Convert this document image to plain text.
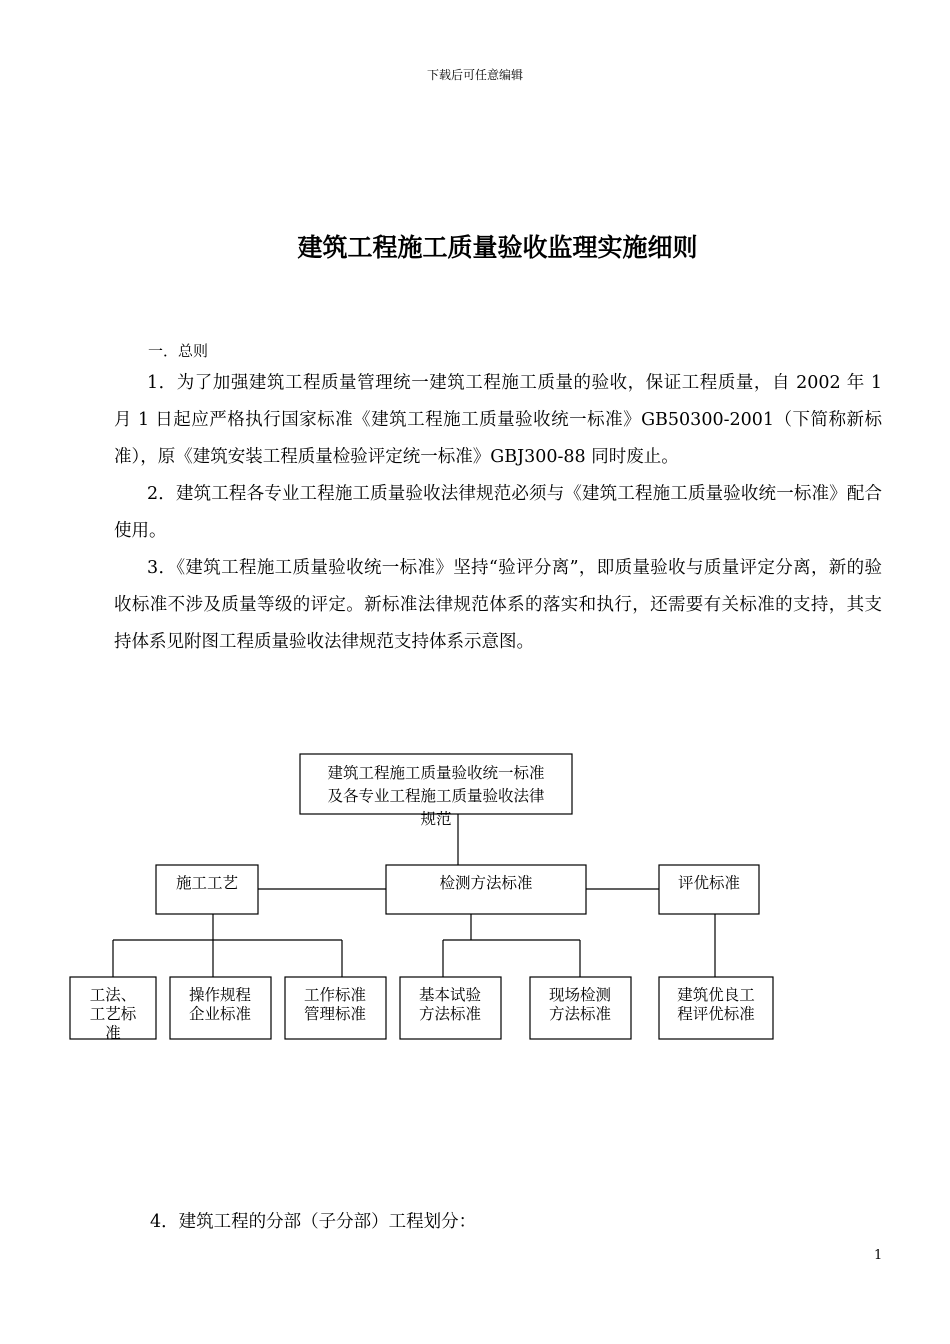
下载后可任意编辑
建筑工程施工质量验收监理实施细则
一．总则

1．为了加强建筑工程质量管理统一建筑工程施工质量的验收，保证工程质量，自 2002 年 1 月 1 日起应严格执行国家标准《建筑工程施工质量验收统一标准》GB50300-2001（下简称新标准），原《建筑安装工程质量检验评定统一标准》GBJ300-88 同时废止。

2．建筑工程各专业工程施工质量验收法律规范必须与《建筑工程施工质量验收统一标准》配合使用。

3．《建筑工程施工质量验收统一标准》坚持“验评分离”，即质量验收与质量评定分离，新的验收标准不涉及质量等级的评定。新标准法律规范体系的落实和执行，还需要有关标准的支持，其支持体系见附图工程质量验收法律规范支持体系示意图。

建筑工程施工质量验收统一标准
及各专业工程施工质量验收法律
规范
施工工艺	检测方法标准	评优标准
工法、
工艺标
准
操作规程
企业标准
工作标准
管理标准
基本试验
方法标准
现场检测
方法标准
建筑优良工
程评优标准
4．建筑工程的分部（子分部）工程划分：
1
